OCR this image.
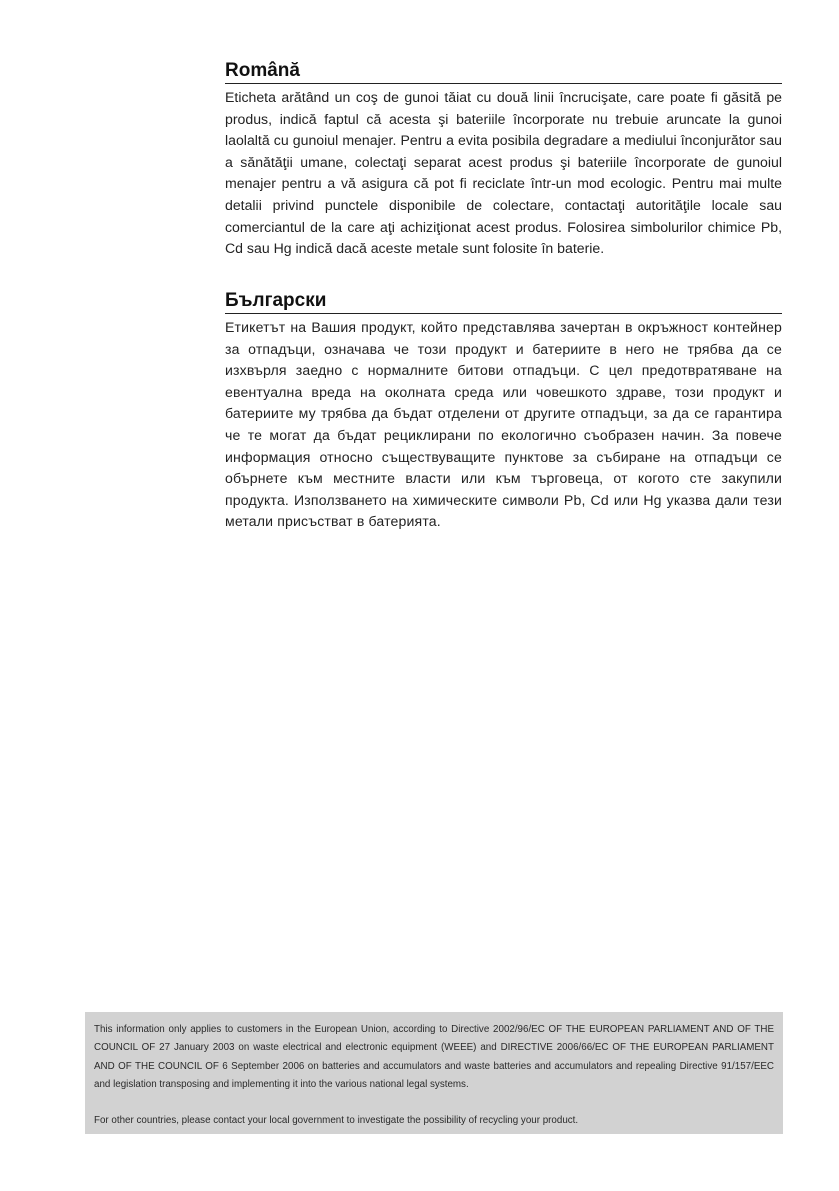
Română

Eticheta arătând un coş de gunoi tăiat cu două linii încrucişate, care poate fi găsită pe produs, indică faptul că acesta şi bateriile încorporate nu trebuie aruncate la gunoi laolaltă cu gunoiul menajer. Pentru a evita posibila degradare a mediului înconjurător sau a sănătăţii umane, colectaţi separat acest produs şi bateriile încorporate de gunoiul menajer pentru a vă asigura că pot fi reciclate într-un mod ecologic. Pentru mai multe detalii privind punctele disponibile de colectare, contactaţi autorităţile locale sau comerciantul de la care aţi achiziţionat acest produs. Folosirea simbolurilor chimice Pb, Cd sau Hg indică dacă aceste metale sunt folosite în baterie.

Български

Етикетът на Вашия продукт, който представлява зачертан в окръжност контейнер за отпадъци, означава че този продукт и батериите в него не трябва да се изхвърля заедно с нормалните битови отпадъци. С цел предотвратяване на евентуална вреда на околната среда или човешкото здраве, този продукт и батериите му трябва да бъдат отделени от другите отпадъци, за да се гарантира че те могат да бъдат рециклирани по екологично съобразен начин. За повече информация относно съществуващите пунктове за събиране на отпадъци се обърнете към местните власти или към търговеца, от когото сте закупили продукта. Използването на химическите символи Pb, Cd или Hg указва дали тези метали присъстват в батерията.

This information only applies to customers in the European Union, according to Directive 2002/96/EC OF THE EUROPEAN PARLIAMENT AND OF THE COUNCIL OF 27 January 2003 on waste electrical and electronic equipment (WEEE) and DIRECTIVE 2006/66/EC OF THE EUROPEAN PARLIAMENT AND OF THE COUNCIL OF 6 September 2006 on batteries and accumulators and waste batteries and accumulators and repealing Directive 91/157/EEC and legislation transposing and implementing it into the various national legal systems.

For other countries, please contact your local government to investigate the possibility of recycling your product.
